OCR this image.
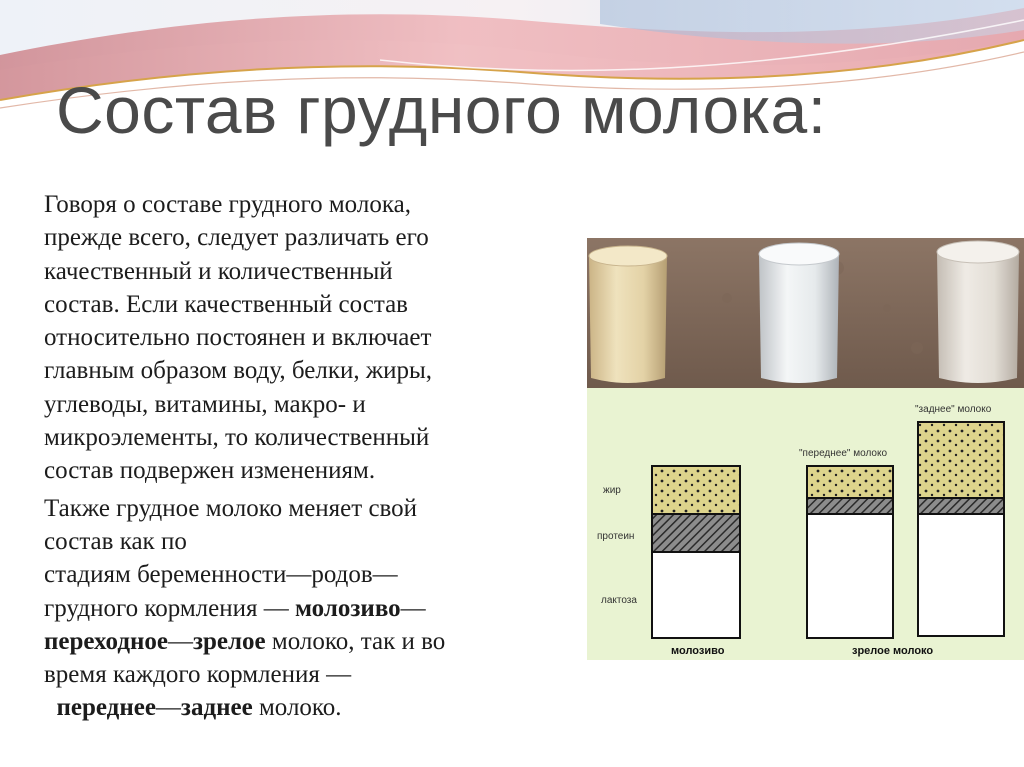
Состав грудного молока:

Говоря о составе грудного молока,
прежде всего, следует различать его
качественный и количественный
состав. Если качественный состав
относительно постоянен и включает
главным образом воду, белки, жиры,
углеводы, витамины, макро- и
микроэлементы, то количественный
состав подвержен изменениям.

Также грудное молоко меняет свой
состав как по
стадиям беременности—родов—
грудного кормления — молозиво—
переходное—зрелое молоко, так и во
время каждого кормления —
переднее—заднее молоко.

жир
протеин
лактоза
"переднее" молоко
"заднее" молоко
молозиво	зрелое молоко
